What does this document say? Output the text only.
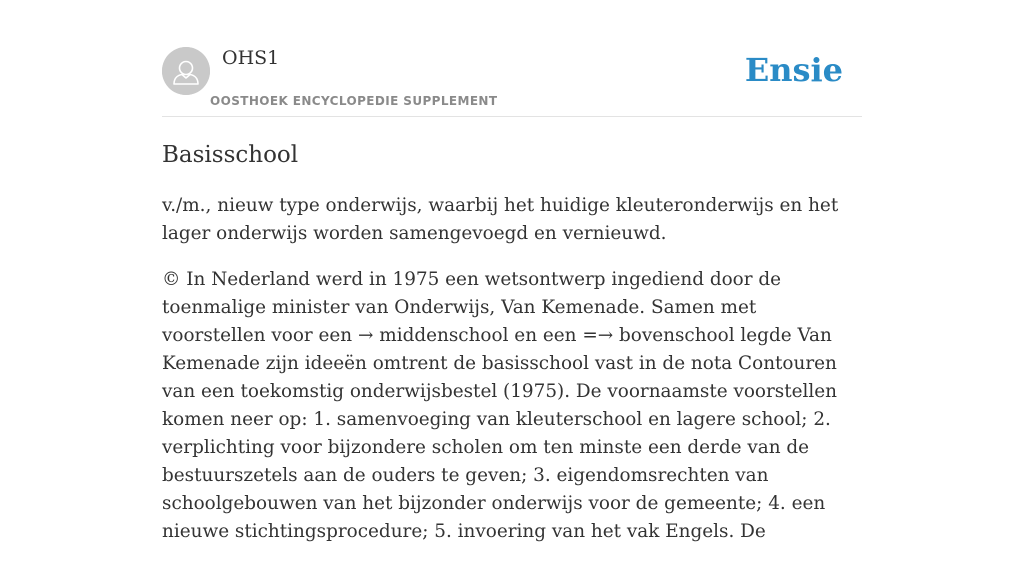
OHS1
OOSTHOEK ENCYCLOPEDIE SUPPLEMENT
Ensie
Basisschool

v./m., nieuw type onderwijs, waarbij het huidige kleuteronderwijs en het lager onderwijs worden samengevoegd en vernieuwd.

© In Nederland werd in 1975 een wetsontwerp ingediend door de toenmalige minister van Onderwijs, Van Kemenade. Samen met voorstellen voor een → middenschool en een =→ bovenschool legde Van Kemenade zijn ideeën omtrent de basisschool vast in de nota Contouren van een toekomstig onderwijsbestel (1975). De voornaamste voorstellen komen neer op: 1. samenvoeging van kleuterschool en lagere school; 2. verplichting voor bijzondere scholen om ten minste een derde van de bestuurszetels aan de ouders te geven; 3. eigendomsrechten van schoolgebouwen van het bijzonder onderwijs voor de gemeente; 4. een nieuwe stichtingsprocedure; 5. invoering van het vak Engels. De
